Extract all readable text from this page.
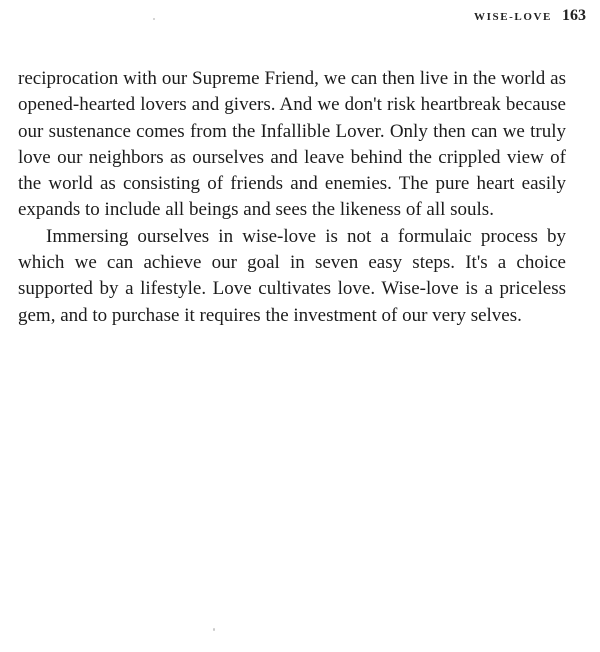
WISE-LOVE 163

reciprocation with our Supreme Friend, we can then live in the world as opened-hearted lovers and givers. And we don't risk heartbreak because our sustenance comes from the Infallible Lover. Only then can we truly love our neighbors as ourselves and leave behind the crippled view of the world as consisting of friends and enemies. The pure heart easily expands to include all beings and sees the likeness of all souls.

Immersing ourselves in wise-love is not a formulaic process by which we can achieve our goal in seven easy steps. It's a choice supported by a lifestyle. Love cultivates love. Wise-love is a priceless gem, and to purchase it requires the investment of our very selves.
